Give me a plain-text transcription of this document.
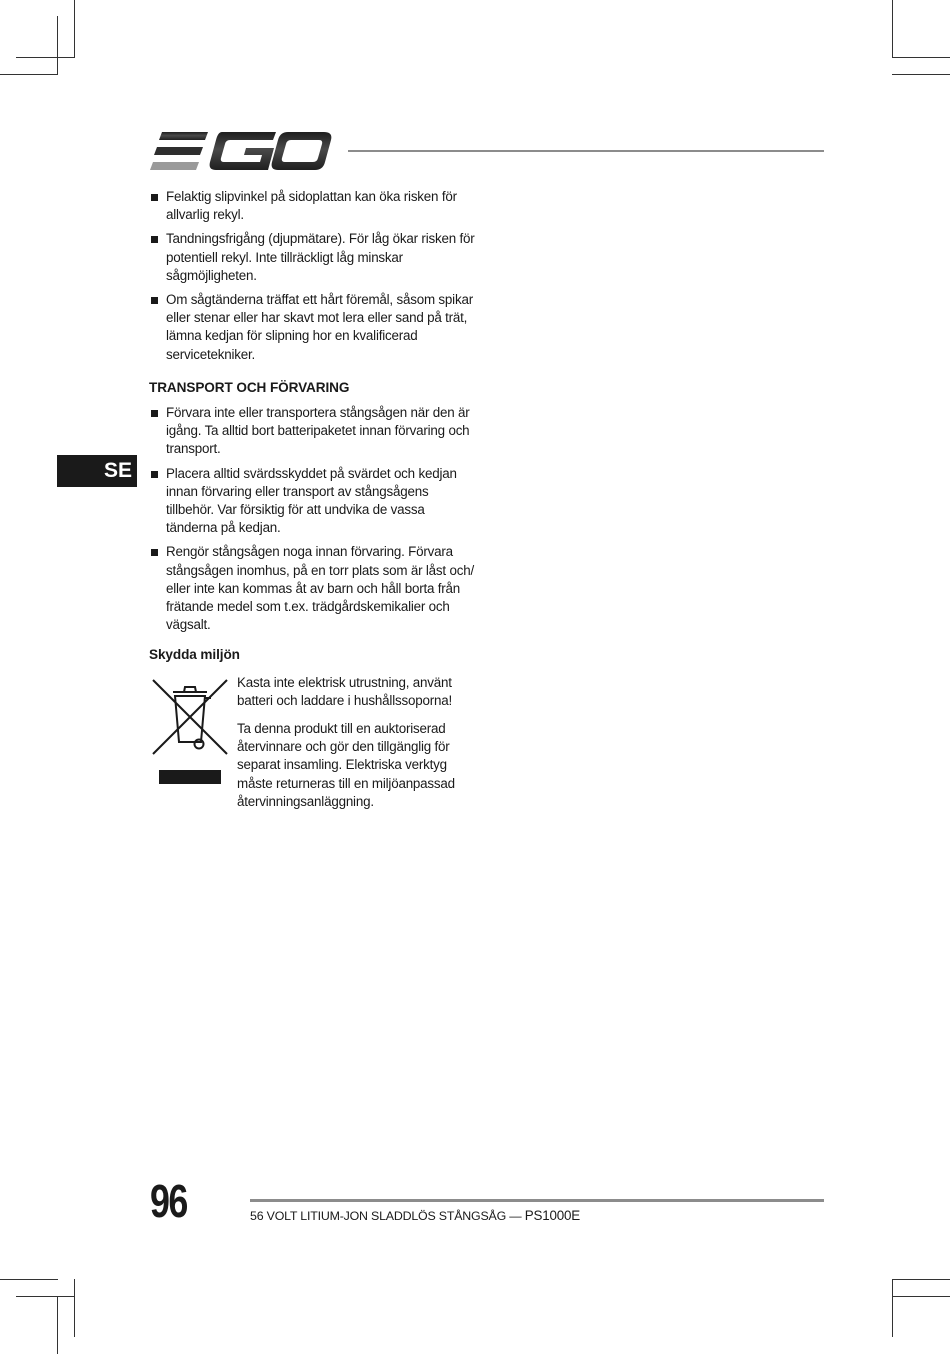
SE
Felaktig slipvinkel på sidoplattan kan öka risken för allvarlig rekyl.
Tandningsfrigång (djupmätare). För låg ökar risken för potentiell rekyl. Inte tillräckligt låg minskar sågmöjligheten.
Om sågtänderna träffat ett hårt föremål, såsom spikar eller stenar eller har skavt mot lera eller sand på trät, lämna kedjan för slipning hor en kvalificerad servicetekniker.
TRANSPORT OCH FÖRVARING
Förvara inte eller transportera stångsågen när den är igång. Ta alltid bort batteripaketet innan förvaring och transport.
Placera alltid svärdsskyddet på svärdet och kedjan innan förvaring eller transport av stångsågens tillbehör. Var försiktig för att undvika de vassa tänderna på kedjan.
Rengör stångsågen noga innan förvaring. Förvara stångsågen inomhus, på en torr plats som är låst och/ eller inte kan kommas åt av barn och håll borta från frätande medel som t.ex. trädgårdskemikalier och vägsalt.
Skydda miljön

Kasta inte elektrisk utrustning, använt batteri och laddare i hushållssoporna!

Ta denna produkt till en auktoriserad återvinnare och gör den tillgänglig för separat insamling. Elektriska verktyg måste returneras till en miljöanpassad återvinningsanläggning.

96	56 VOLT LITIUM-JON SLADDLÖS STÅNGSÅG — PS1000E
